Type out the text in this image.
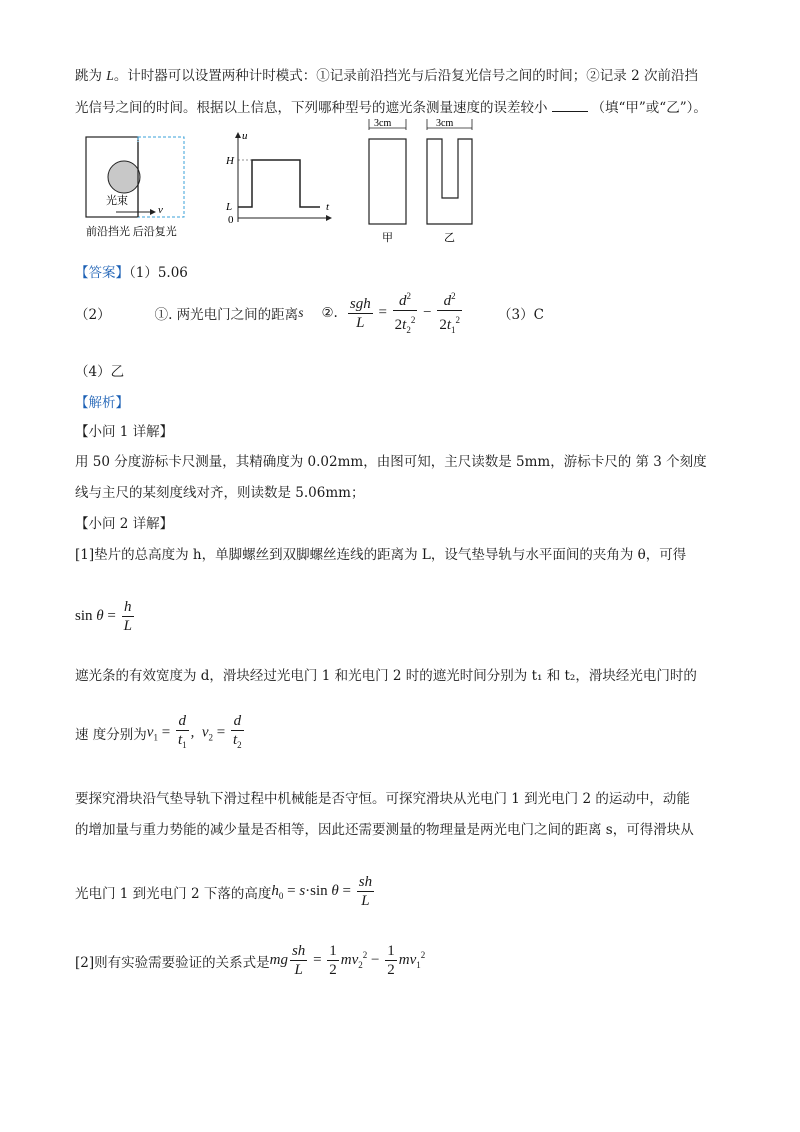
跳为 L。计时器可以设置两种计时模式：①记录前沿挡光与后沿复光信号之间的时间；②记录 2 次前沿挡
光信号之间的时间。根据以上信息，下列哪种型号的遮光条测量速度的误差较小	（填“甲”或“乙”）。
光束
v
前沿挡光 后沿复光
u
t
H
L
0
3cm
甲
3cm
乙
【答案】（1）5.06
（2）	①. 两光电门之间的距离 s ②. $\frac{\text{sgh}}{L} = \frac{d^2}{2t_2^2} - \frac{d^2}{2t_1^2}$	（3）C
（4）乙
【解析】
【小问 1 详解】
用 50 分度游标卡尺测量，其精确度为 0.02mm，由图可知，主尺读数是 5mm，游标卡尺的 第 3 个刻度
线与主尺的某刻度线对齐，则读数是 5.06mm；
【小问 2 详解】
[1]垫片的总高度为 h，单脚螺丝到双脚螺丝连线的距离为 L，设气垫导轨与水平面间的夹角为 θ，可得
$\sin \theta = \frac{h}{L}$
遮光条的有效宽度为 d，滑块经过光电门 1 和光电门 2 时的遮光时间分别为 t₁ 和 t₂，滑块经光电门时的
速 度分别为 $v_1 = \frac{d}{t_1}$ ,  $v_2 = \frac{d}{t_2}$
要探究滑块沿气垫导轨下滑过程中机械能是否守恒。可探究滑块从光电门 1 到光电门 2 的运动中，动能
的增加量与重力势能的减少量是否相等，因此还需要测量的物理量是两光电门之间的距离 s，可得滑块从
光电门 1 到光电门 2 下落的高度 $h_0 = s\cdot\sin$ $\theta = \frac{sh}{L}$
[2]则有实验需要验证的关系式是 mg $\frac{sh}{L} = \frac{1}{2} mv_2^2 - \frac{1}{2} mv_1^2$
